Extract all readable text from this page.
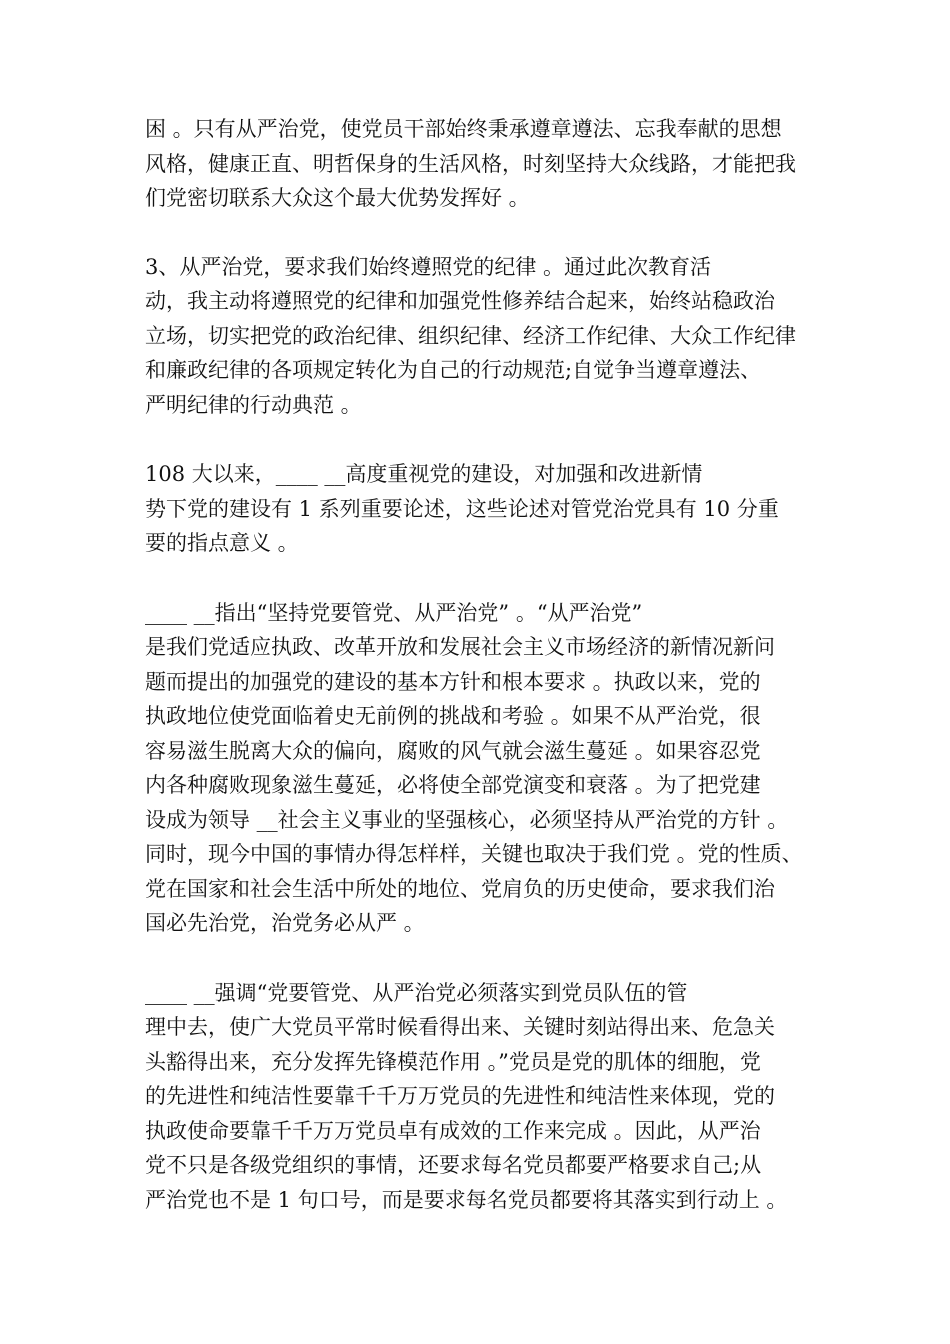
困 。只有从严治党，使党员干部始终秉承遵章遵法、忘我奉献的思想
风格，健康正直、明哲保身的生活风格，时刻坚持大众线路，才能把我
们党密切联系大众这个最大优势发挥好 。

3、从严治党，要求我们始终遵照党的纪律 。通过此次教育活
动，我主动将遵照党的纪律和加强党性修养结合起来，始终站稳政治
立场，切实把党的政治纪律、组织纪律、经济工作纪律、大众工作纪律
和廉政纪律的各项规定转化为自己的行动规范;自觉争当遵章遵法、
严明纪律的行动典范 。

108 大以来，____ __高度重视党的建设，对加强和改进新情
势下党的建设有 1 系列重要论述，这些论述对管党治党具有 10 分重
要的指点意义 。

____ __指出“坚持党要管党、从严治党” 。“从严治党”
是我们党适应执政、改革开放和发展社会主义市场经济的新情况新问
题而提出的加强党的建设的基本方针和根本要求 。执政以来，党的
执政地位使党面临着史无前例的挑战和考验 。如果不从严治党，很
容易滋生脱离大众的偏向，腐败的风气就会滋生蔓延 。如果容忍党
内各种腐败现象滋生蔓延，必将使全部党演变和衰落 。为了把党建
设成为领导 __社会主义事业的坚强核心，必须坚持从严治党的方针 。
同时，现今中国的事情办得怎样样，关键也取决于我们党 。党的性质、
党在国家和社会生活中所处的地位、党肩负的历史使命，要求我们治
国必先治党，治党务必从严 。

____ __强调“党要管党、从严治党必须落实到党员队伍的管
理中去，使广大党员平常时候看得出来、关键时刻站得出来、危急关
头豁得出来，充分发挥先锋模范作用 。”党员是党的肌体的细胞，党
的先进性和纯洁性要靠千千万万党员的先进性和纯洁性来体现，党的
执政使命要靠千千万万党员卓有成效的工作来完成 。因此，从严治
党不只是各级党组织的事情，还要求每名党员都要严格要求自己;从
严治党也不是 1 句口号，而是要求每名党员都要将其落实到行动上 。
